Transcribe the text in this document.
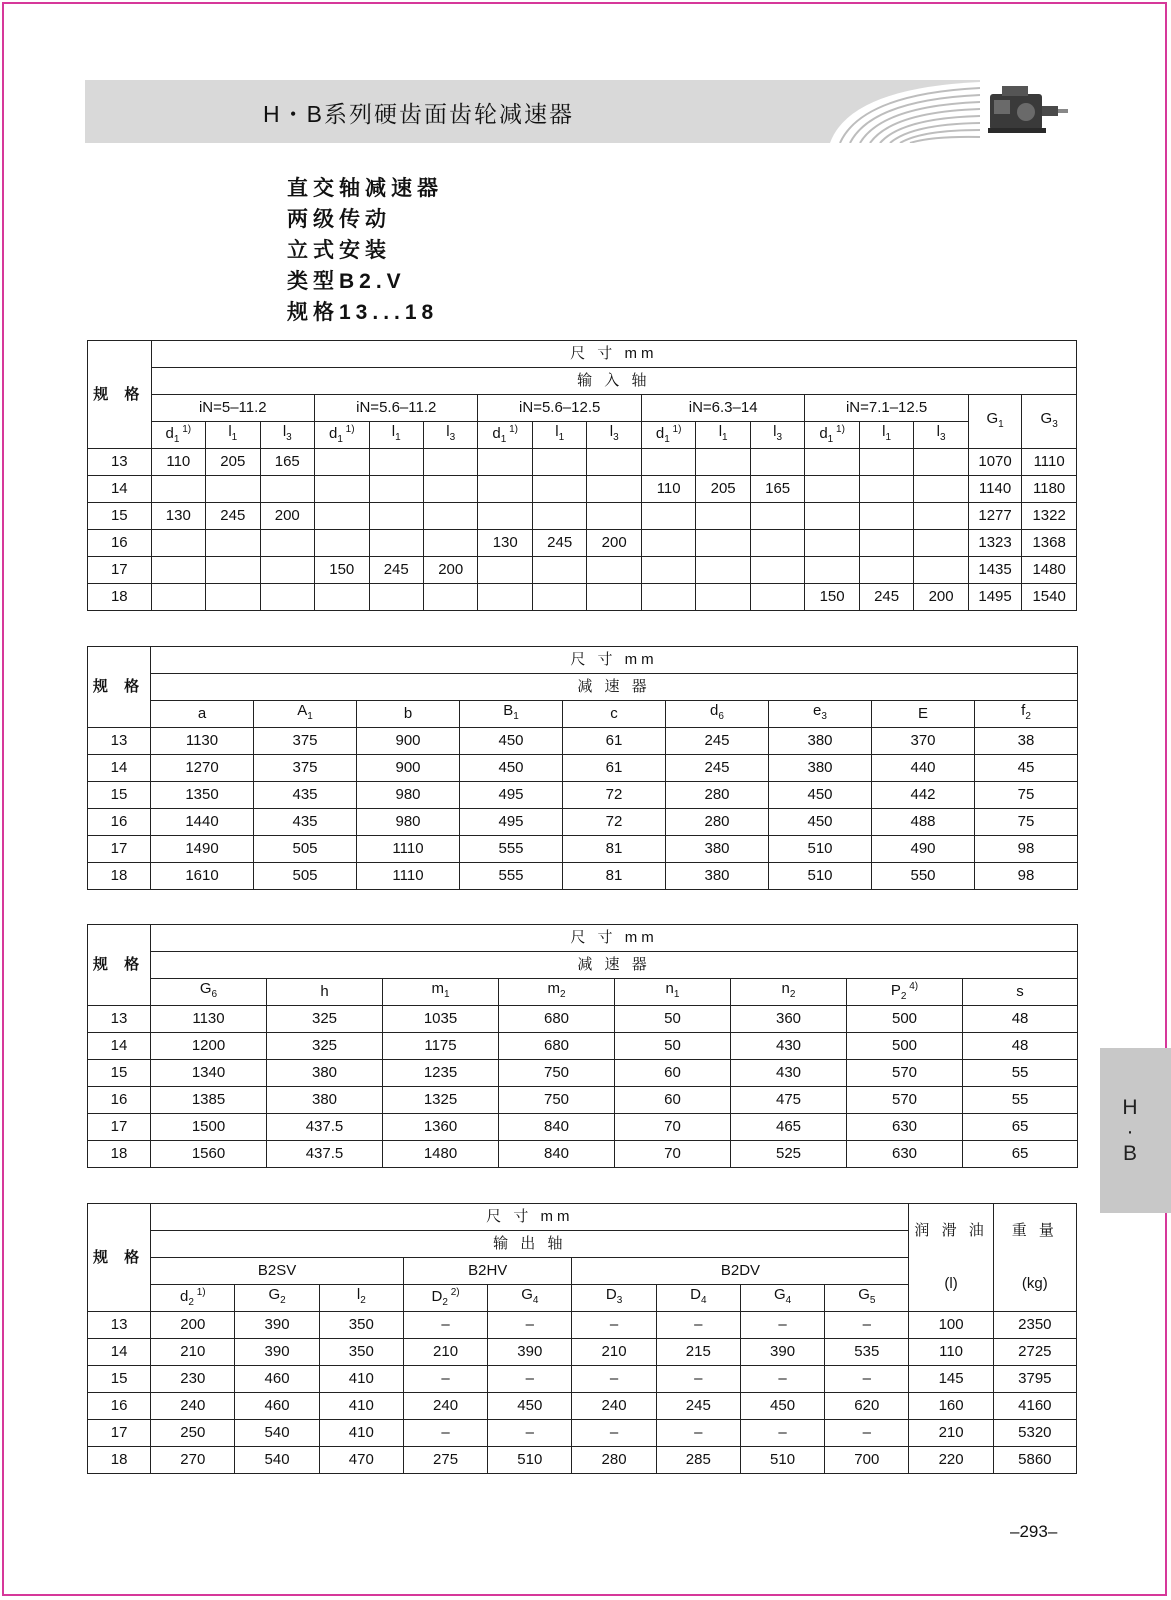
H・B系列硬齿面齿轮减速器
直交轴减速器
两级传动
立式安装
类型B2.V
规格13...18
规 格	尺 寸 mm																
	输 入 轴																
	iN=5–11.2			iN=5.6–11.2			iN=5.6–12.5			iN=6.3–14			iN=7.1–12.5			$G_1$	$G_3$
	$d_1$ $^{1)}$	$l_1$	$l_3$	$d_1$ $^{1)}$	$l_1$	$l_3$	$d_1$ $^{1)}$	$l_1$	$l_3$	$d_1$ $^{1)}$	$l_1$	$l_3$	$d_1$ $^{1)}$	$l_1$	$l_3$
13	110	205	165													1070	1110
14										110	205	165				1140	1180
15	130	245	200													1277	1322
16							130	245	200							1323	1368
17				150	245	200										1435	1480
18													150	245	200	1495	1540
规 格	尺 寸 mm								
	减 速 器								
	a	$A_1$	b	$B_1$	c	$d_6$	$e_3$	E	$f_2$
13	1130	375	900	450	61	245	380	370	38
14	1270	375	900	450	61	245	380	440	45
15	1350	435	980	495	72	280	450	442	75
16	1440	435	980	495	72	280	450	488	75
17	1490	505	1110	555	81	380	510	490	98
18	1610	505	1110	555	81	380	510	550	98
规 格	尺 寸 mm							
	减 速 器							
	$G_6$	h	$m_1$	$m_2$	$n_1$	$n_2$	$P_2$ $^{4)}$	s
13	1130	325	1035	680	50	360	500	48
14	1200	325	1175	680	50	430	500	48
15	1340	380	1235	750	60	430	570	55
16	1385	380	1325	750	60	475	570	55
17	1500	437.5	1360	840	70	465	630	65
18	1560	437.5	1480	840	70	525	630	65
规 格	尺 寸 mm									润 滑 油	重 量
	输 出 轴										
	B2SV			B2HV		B2DV				(l)	(kg)
	$d_2$ $^{1)}$	$G_2$	$l_2$	$D_2$ $^{2)}$	$G_4$	$D_3$	$D_4$	$G_4$	$G_5$
13	200	390	350	–	–	–	–	–	–	100	2350
14	210	390	350	210	390	210	215	390	535	110	2725
15	230	460	410	–	–	–	–	–	–	145	3795
16	240	460	410	240	450	240	245	450	620	160	4160
17	250	540	410	–	–	–	–	–	–	210	5320
18	270	540	470	275	510	280	285	510	700	220	5860
H
·
B
–293–
